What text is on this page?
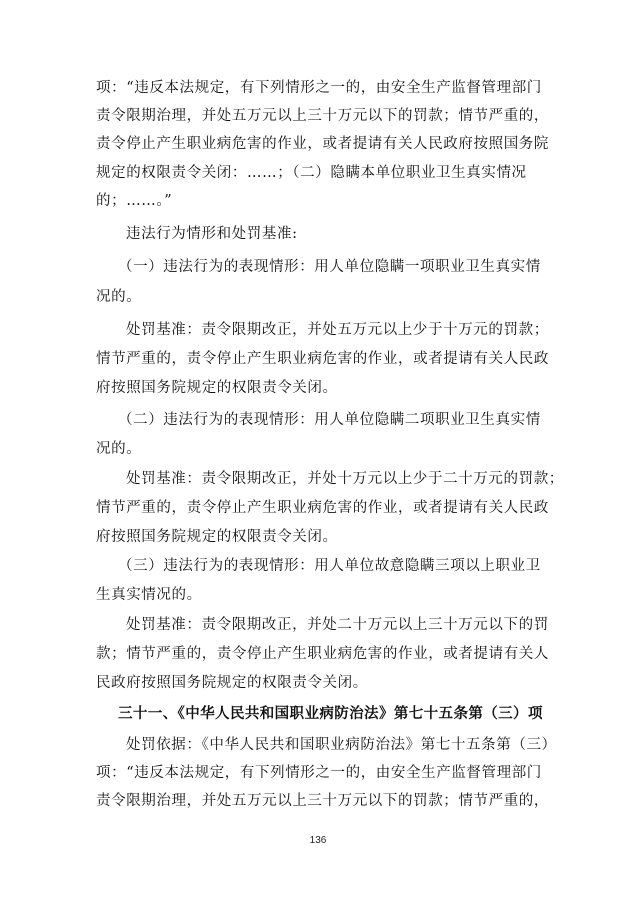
项：“违反本法规定，有下列情形之一的，由安全生产监督管理部门
责令限期治理，并处五万元以上三十万元以下的罚款；情节严重的，
责令停止产生职业病危害的作业，或者提请有关人民政府按照国务院
规定的权限责令关闭：……；（二）隐瞒本单位职业卫生真实情况
的；……。”
违法行为情形和处罚基准:
（一）违法行为的表现情形：用人单位隐瞒一项职业卫生真实情
况的。
处罚基准：责令限期改正，并处五万元以上少于十万元的罚款；
情节严重的，责令停止产生职业病危害的作业，或者提请有关人民政
府按照国务院规定的权限责令关闭。
（二）违法行为的表现情形：用人单位隐瞒二项职业卫生真实情
况的。
处罚基准：责令限期改正，并处十万元以上少于二十万元的罚款；
情节严重的，责令停止产生职业病危害的作业，或者提请有关人民政
府按照国务院规定的权限责令关闭。
（三）违法行为的表现情形：用人单位故意隐瞒三项以上职业卫
生真实情况的。
处罚基准：责令限期改正，并处二十万元以上三十万元以下的罚
款；情节严重的，责令停止产生职业病危害的作业，或者提请有关人
民政府按照国务院规定的权限责令关闭。
三十一、《中华人民共和国职业病防治法》第七十五条第（三）项
处罚依据：《中华人民共和国职业病防治法》第七十五条第（三）
项：“违反本法规定，有下列情形之一的，由安全生产监督管理部门
责令限期治理，并处五万元以上三十万元以下的罚款；情节严重的，
136
